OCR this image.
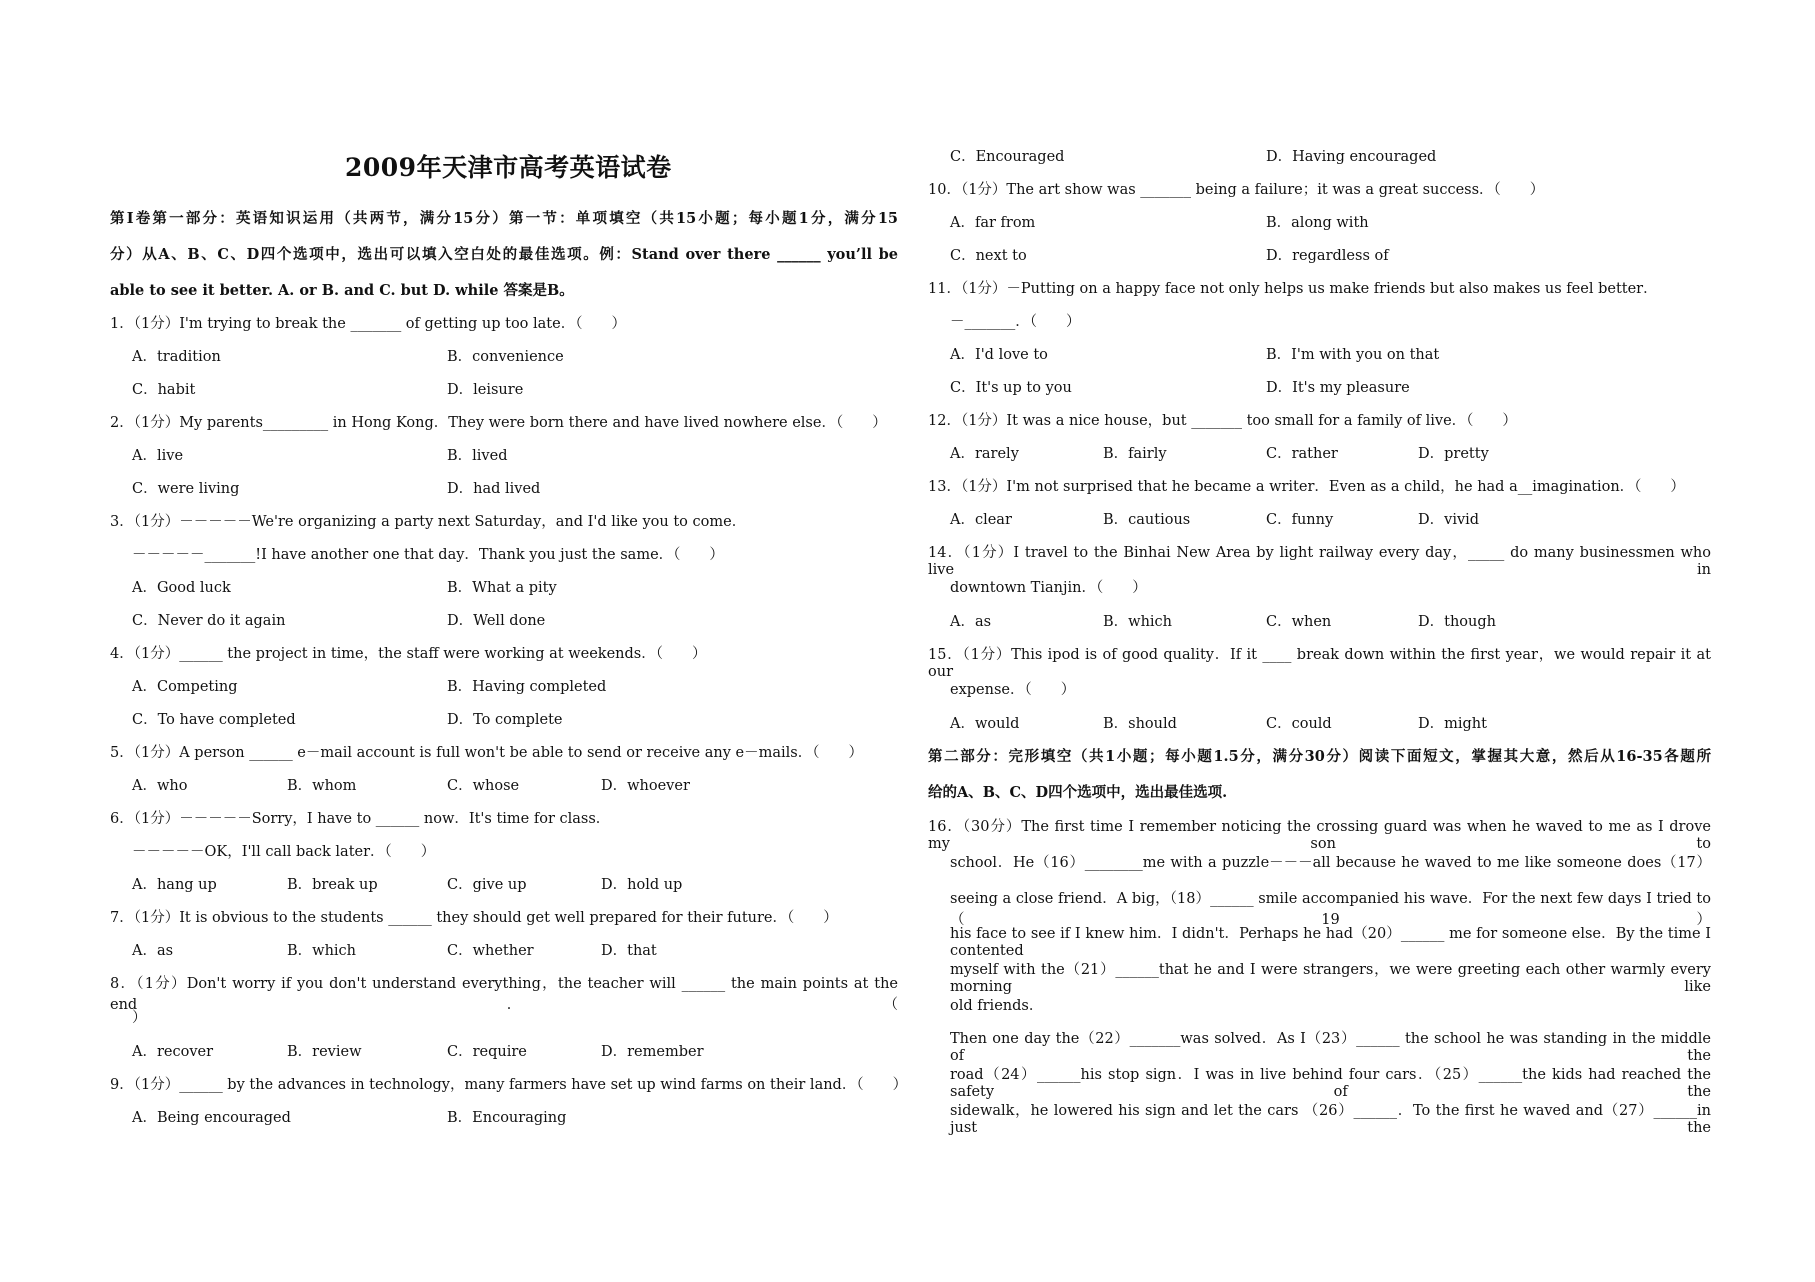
2009年天津市高考英语试卷
第Ⅰ卷第一部分：英语知识运用（共两节，满分15分）第一节：单项填空（共15小题；每小题1分，满分15
分）从A、B、C、D四个选项中，选出可以填入空白处的最佳选项。例：Stand over there ______ you’ll be
able to see it better. A. or B. and C. but D. while 答案是B。
1．（1分）I'm trying to break the _______ of getting up too late．（　　）
A．tradition	B．convenience
C．habit	D．leisure
2．（1分）My parents_________ in Hong Kong．They were born there and have lived nowhere else．（　　）
A．live	B．lived
C．were living	D．had lived
3．（1分）－－－－－We're organizing a party next Saturday，and I'd like you to come．
－－－－－_______!I have another one that day．Thank you just the same．（　　）
A．Good luck	B．What a pity
C．Never do it again	D．Well done
4．（1分）______ the project in time，the staff were working at weekends．（　　）
A．Competing	B．Having completed
C．To have completed	D．To complete
5．（1分）A person ______ e－mail account is full won't be able to send or receive any e－mails．（　　）
A．who	B．whom	C．whose	D．whoever
6．（1分）－－－－－Sorry，I have to ______ now．It's time for class．
－－－－－OK，I'll call back later．（　　）
A．hang up	B．break up	C．give up	D．hold up
7．（1分）It is obvious to the students ______ they should get well prepared for their future．（　　）
A．as	B．which	C．whether	D．that
8．（1分）Don't worry if you don't understand everything，the teacher will ______ the main points at the end．（
）
A．recover	B．review	C．require	D．remember
9．（1分）______ by the advances in technology，many farmers have set up wind farms on their land．（　　）
A．Being encouraged	B．Encouraging
C．Encouraged	D．Having encouraged
10．（1分）The art show was _______ being a failure；it was a great success．（　　）
A．far from	B．along with
C．next to	D．regardless of
11．（1分）－Putting on a happy face not only helps us make friends but also makes us feel better．
－_______．（　　）
A．I'd love to	B．I'm with you on that
C．It's up to you	D．It's my pleasure
12．（1分）It was a nice house，but _______ too small for a family of live．（　　）
A．rarely	B．fairly	C．rather	D．pretty
13．（1分）I'm not surprised that he became a writer．Even as a child，he had a__imagination．（　　）
A．clear	B．cautious	C．funny	D．vivid
14．（1分）I travel to the Binhai New Area by light railway every day，_____ do many businessmen who live in
downtown Tianjin．（　　）
A．as	B．which	C．when	D．though
15．（1分）This ipod is of good quality．If it ____ break down within the first year，we would repair it at our
expense．（　　）
A．would	B．should	C．could	D．might
第二部分：完形填空（共1小题；每小题1.5分，满分30分）阅读下面短文，掌握其大意，然后从16-35各题所
给的A、B、C、D四个选项中，选出最佳选项.
16．（30分）The first time I remember noticing the crossing guard was when he waved to me as I drove my son to
school．He（16）________me with a puzzle－－－all because he waved to me like someone does（17）
seeing a close friend．A big，（18）______ smile accompanied his wave．For the next few days I tried to（19）
his face to see if I knew him．I didn't．Perhaps he had（20）______ me for someone else．By the time I contented
myself with the（21）______that he and I were strangers，we were greeting each other warmly every morning like
old friends．
Then one day the（22）_______was solved．As I（23）______ the school he was standing in the middle of the
road（24）______his stop sign．I was in live behind four cars．（25）______the kids had reached the safety of the
sidewalk，he lowered his sign and let the cars （26）______．To the first he waved and（27）______in just the
